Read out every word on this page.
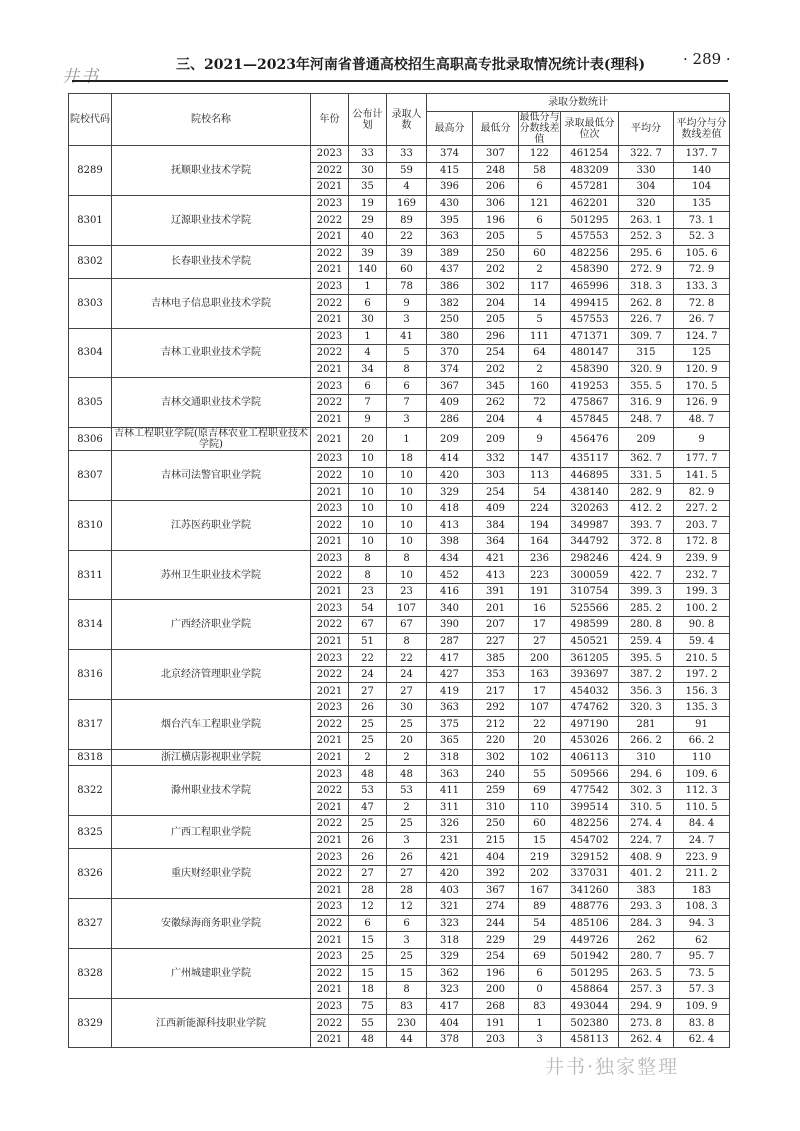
井书
三、2021—2023年河南省普通高校招生高职高专批录取情况统计表(理科)	· 289 ·
院校代码	院校名称	年份	公布计划	录取人数	录取分数统计					
					最高分	最低分	最低分与分数线差值	录取最低分位次	平均分	平均分与分数线差值
8289	抚顺职业技术学院	2023	33	33	374	307	122	461254	322. 7	137. 7
		2022	30	59	415	248	58	483209	330	140
		2021	35	4	396	206	6	457281	304	104
8301	辽源职业技术学院	2023	19	169	430	306	121	462201	320	135
		2022	29	89	395	196	6	501295	263. 1	73. 1
		2021	40	22	363	205	5	457553	252. 3	52. 3
8302	长春职业技术学院	2022	39	39	389	250	60	482256	295. 6	105. 6
		2021	140	60	437	202	2	458390	272. 9	72. 9
8303	吉林电子信息职业技术学院	2023	1	78	386	302	117	465996	318. 3	133. 3
		2022	6	9	382	204	14	499415	262. 8	72. 8
		2021	30	3	250	205	5	457553	226. 7	26. 7
8304	吉林工业职业技术学院	2023	1	41	380	296	111	471371	309. 7	124. 7
		2022	4	5	370	254	64	480147	315	125
		2021	34	8	374	202	2	458390	320. 9	120. 9
8305	吉林交通职业技术学院	2023	6	6	367	345	160	419253	355. 5	170. 5
		2022	7	7	409	262	72	475867	316. 9	126. 9
		2021	9	3	286	204	4	457845	248. 7	48. 7
8306	吉林工程职业学院(原吉林农业工程职业技术学院)	2021	20	1	209	209	9	456476	209	9
8307	吉林司法警官职业学院	2023	10	18	414	332	147	435117	362. 7	177. 7
		2022	10	10	420	303	113	446895	331. 5	141. 5
		2021	10	10	329	254	54	438140	282. 9	82. 9
8310	江苏医药职业学院	2023	10	10	418	409	224	320263	412. 2	227. 2
		2022	10	10	413	384	194	349987	393. 7	203. 7
		2021	10	10	398	364	164	344792	372. 8	172. 8
8311	苏州卫生职业技术学院	2023	8	8	434	421	236	298246	424. 9	239. 9
		2022	8	10	452	413	223	300059	422. 7	232. 7
		2021	23	23	416	391	191	310754	399. 3	199. 3
8314	广西经济职业学院	2023	54	107	340	201	16	525566	285. 2	100. 2
		2022	67	67	390	207	17	498599	280. 8	90. 8
		2021	51	8	287	227	27	450521	259. 4	59. 4
8316	北京经济管理职业学院	2023	22	22	417	385	200	361205	395. 5	210. 5
		2022	24	24	427	353	163	393697	387. 2	197. 2
		2021	27	27	419	217	17	454032	356. 3	156. 3
8317	烟台汽车工程职业学院	2023	26	30	363	292	107	474762	320. 3	135. 3
		2022	25	25	375	212	22	497190	281	91
		2021	25	20	365	220	20	453026	266. 2	66. 2
8318	浙江横店影视职业学院	2021	2	2	318	302	102	406113	310	110
8322	滁州职业技术学院	2023	48	48	363	240	55	509566	294. 6	109. 6
		2022	53	53	411	259	69	477542	302. 3	112. 3
		2021	47	2	311	310	110	399514	310. 5	110. 5
8325	广西工程职业学院	2022	25	25	326	250	60	482256	274. 4	84. 4
		2021	26	3	231	215	15	454702	224. 7	24. 7
8326	重庆财经职业学院	2023	26	26	421	404	219	329152	408. 9	223. 9
		2022	27	27	420	392	202	337031	401. 2	211. 2
		2021	28	28	403	367	167	341260	383	183
8327	安徽绿海商务职业学院	2023	12	12	321	274	89	488776	293. 3	108. 3
		2022	6	6	323	244	54	485106	284. 3	94. 3
		2021	15	3	318	229	29	449726	262	62
8328	广州城建职业学院	2023	25	25	329	254	69	501942	280. 7	95. 7
		2022	15	15	362	196	6	501295	263. 5	73. 5
		2021	18	8	323	200	0	458864	257. 3	57. 3
8329	江西新能源科技职业学院	2023	75	83	417	268	83	493044	294. 9	109. 9
		2022	55	230	404	191	1	502380	273. 8	83. 8
		2021	48	44	378	203	3	458113	262. 4	62. 4
井书·独家整理
